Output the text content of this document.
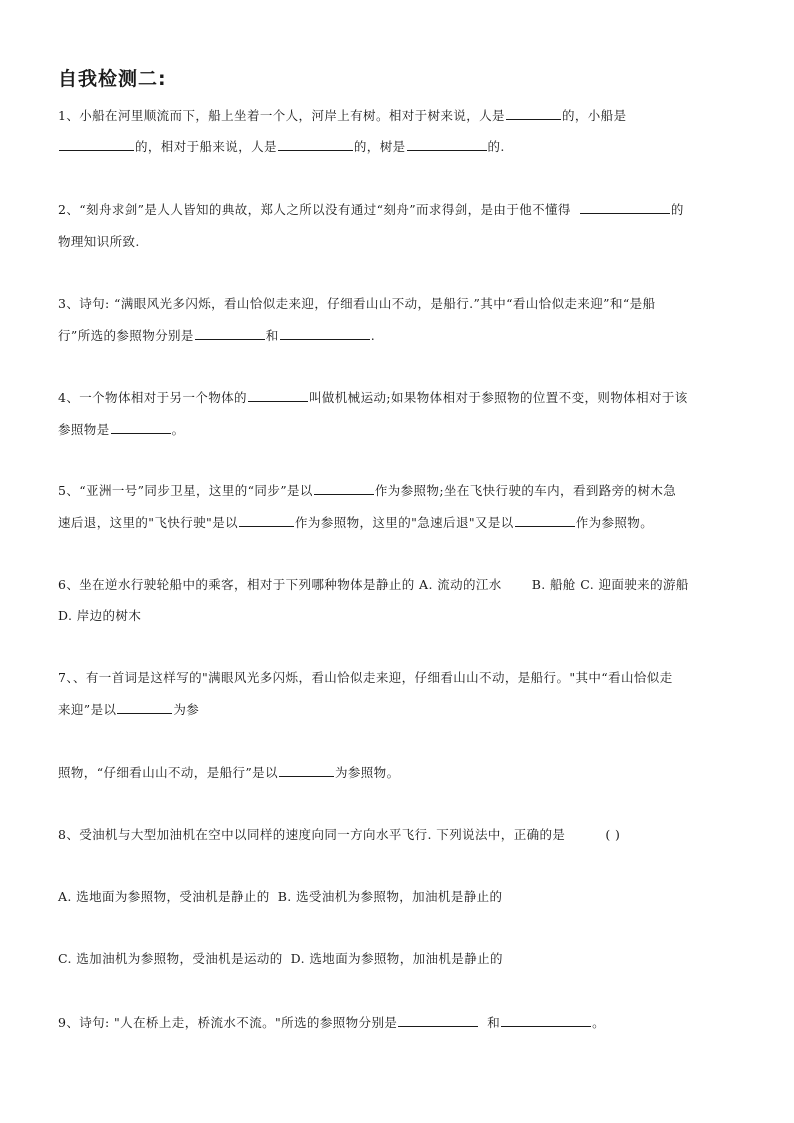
自我检测二:
1、小船在河里顺流而下，船上坐着一个人，河岸上有树。相对于树来说，人是	的，小船是
的，相对于船来说，人是	的，树是	的.
2、“刻舟求剑”是人人皆知的典故，郑人之所以没有通过“刻舟”而求得剑，是由于他不懂得	的
物理知识所致.
3、诗句: “满眼风光多闪烁，看山恰似走来迎，仔细看山山不动，是船行.”其中“看山恰似走来迎”和“是船
行”所选的参照物分别是	和	.
4、一个物体相对于另一个物体的	叫做机械运动;如果物体相对于参照物的位置不变，则物体相对于该
参照物是	。
5、“亚洲一号”同步卫星，这里的“同步”是以	作为参照物;坐在飞快行驶的车内，看到路旁的树木急
速后退，这里的"飞快行驶"是以	作为参照物，这里的"急速后退"又是以	作为参照物。
6、坐在逆水行驶轮船中的乘客，相对于下列哪种物体是静止的 A. 流动的江水 B. 船舱 C. 迎面驶来的游船
D. 岸边的树木
7、、有一首词是这样写的"满眼风光多闪烁，看山恰似走来迎，仔细看山山不动，是船行。"其中“看山恰似走
来迎”是以	为参
照物，“仔细看山山不动，是船行”是以	为参照物。
8、受油机与大型加油机在空中以同样的速度向同一方向水平飞行. 下列说法中，正确的是	( )
A. 选地面为参照物，受油机是静止的 B. 选受油机为参照物，加油机是静止的
C. 选加油机为参照物，受油机是运动的 D. 选地面为参照物，加油机是静止的
9、诗句: "人在桥上走，桥流水不流。"所选的参照物分别是	和	。
